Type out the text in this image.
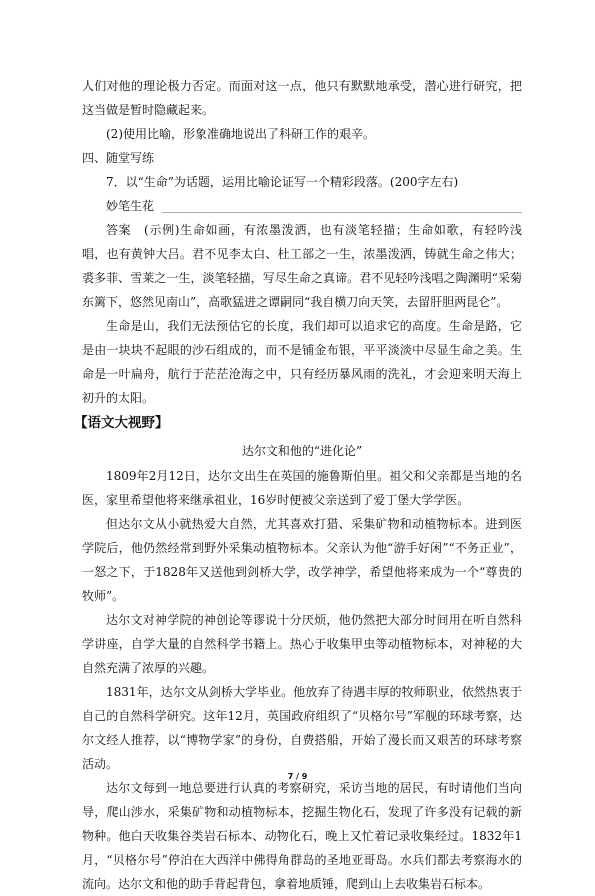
人们对他的理论极力否定。而面对这一点，他只有默默地承受，潜心进行研究，把这当做是暂时隐藏起来。

(2)使用比喻，形象准确地说出了科研工作的艰辛。

四、随堂写练

7．以“生命”为话题，运用比喻论证写一个精彩段落。(200字左右)

妙笔生花

答案　(示例)生命如画，有浓墨泼洒，也有淡笔轻描；生命如歌，有轻吟浅唱，也有黄钟大吕。君不见李太白、杜工部之一生，浓墨泼洒，铸就生命之伟大；裘多菲、雪莱之一生，淡笔轻描，写尽生命之真谛。君不见轻吟浅唱之陶渊明“采菊东篱下，悠然见南山”，高歌猛进之谭嗣同“我自横刀向天笑，去留肝胆两昆仑”。

生命是山，我们无法预估它的长度，我们却可以追求它的高度。生命是路，它是由一块块不起眼的沙石组成的，而不是铺金布银，平平淡淡中尽显生命之美。生命是一叶扁舟，航行于茫茫沧海之中，只有经历暴风雨的洗礼，才会迎来明天海上初升的太阳。

【语文大视野】
达尔文和他的“进化论”

1809年2月12日，达尔文出生在英国的施鲁斯伯里。祖父和父亲都是当地的名医，家里希望他将来继承祖业，16岁时便被父亲送到了爱丁堡大学学医。

但达尔文从小就热爱大自然，尤其喜欢打猎、采集矿物和动植物标本。进到医学院后，他仍然经常到野外采集动植物标本。父亲认为他“游手好闲”“不务正业”，一怒之下，于1828年又送他到剑桥大学，改学神学，希望他将来成为一个“尊贵的牧师”。

达尔文对神学院的神创论等谬说十分厌烦，他仍然把大部分时间用在听自然科学讲座，自学大量的自然科学书籍上。热心于收集甲虫等动植物标本，对神秘的大自然充满了浓厚的兴趣。

1831年，达尔文从剑桥大学毕业。他放弃了待遇丰厚的牧师职业，依然热衷于自己的自然科学研究。这年12月，英国政府组织了“贝格尔号”军舰的环球考察，达尔文经人推荐，以“博物学家”的身份，自费搭船，开始了漫长而又艰苦的环球考察活动。

达尔文每到一地总要进行认真的考察研究，采访当地的居民，有时请他们当向导，爬山涉水，采集矿物和动植物标本，挖掘生物化石，发现了许多没有记载的新物种。他白天收集谷类岩石标本、动物化石，晚上又忙着记录收集经过。1832年1月，“贝格尔号”停泊在大西洋中佛得角群岛的圣地亚哥岛。水兵们都去考察海水的流向。达尔文和他的助手背起背包，拿着地质锤，爬到山上去收集岩石标本。

7 / 9
